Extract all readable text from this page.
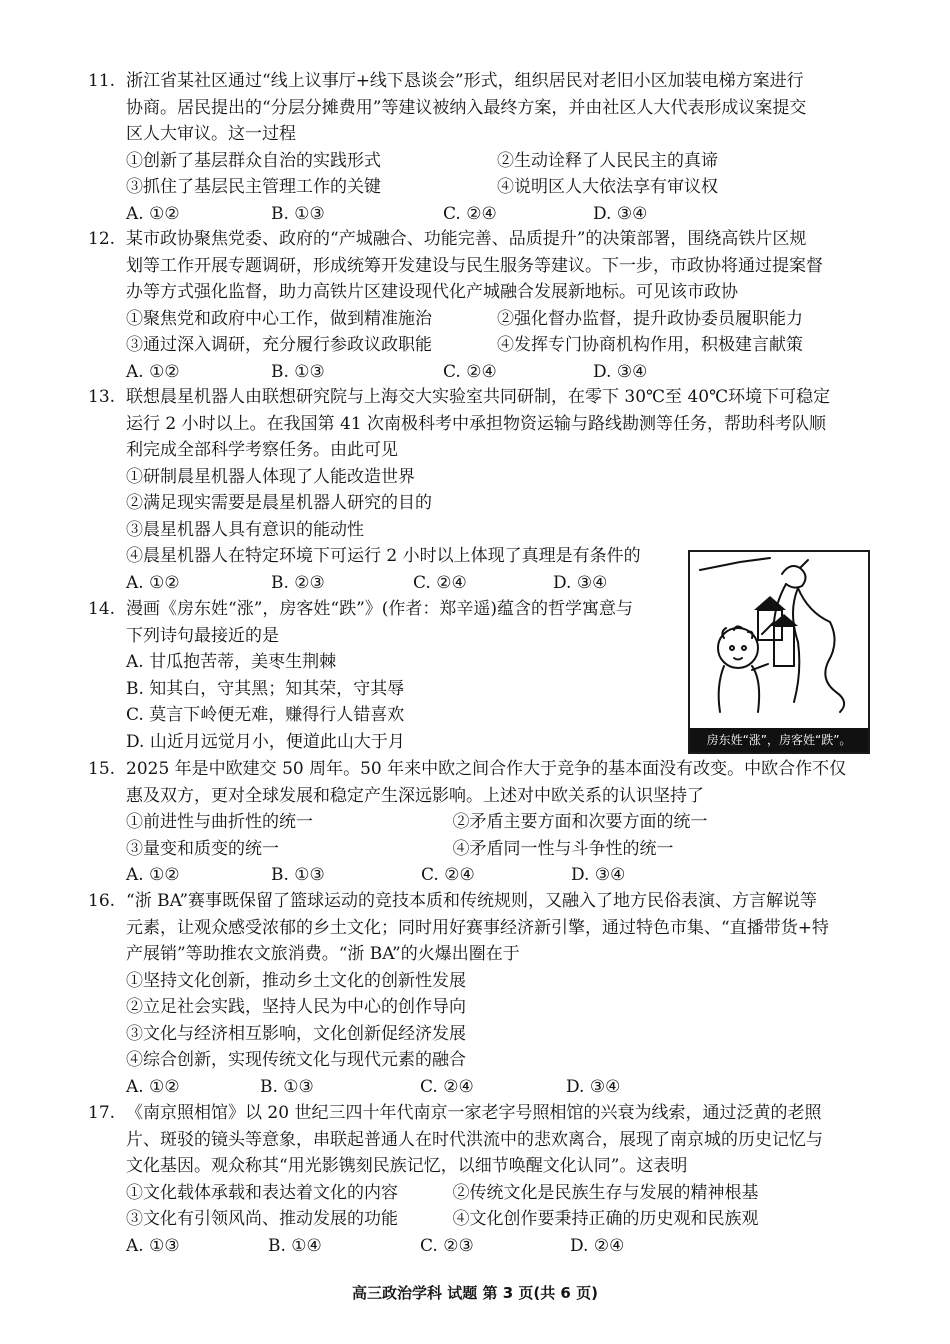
11. 浙江省某社区通过“线上议事厅+线下恳谈会”形式，组织居民对老旧小区加装电梯方案进行
协商。居民提出的“分层分摊费用”等建议被纳入最终方案，并由社区人大代表形成议案提交
区人大审议。这一过程
①创新了基层群众自治的实践形式	②生动诠释了人民民主的真谛
③抓住了基层民主管理工作的关键	④说明区人大依法享有审议权
A. ①②	B. ①③	C. ②④	D. ③④
12. 某市政协聚焦党委、政府的“产城融合、功能完善、品质提升”的决策部署，围绕高铁片区规
划等工作开展专题调研，形成统筹开发建设与民生服务等建议。下一步，市政协将通过提案督
办等方式强化监督，助力高铁片区建设现代化产城融合发展新地标。可见该市政协
①聚焦党和政府中心工作，做到精准施治	②强化督办监督，提升政协委员履职能力
③通过深入调研，充分履行参政议政职能	④发挥专门协商机构作用，积极建言献策
A. ①②	B. ①③	C. ②④	D. ③④
13. 联想晨星机器人由联想研究院与上海交大实验室共同研制，在零下 30℃至 40℃环境下可稳定
运行 2 小时以上。在我国第 41 次南极科考中承担物资运输与路线勘测等任务，帮助科考队顺
利完成全部科学考察任务。由此可见
①研制晨星机器人体现了人能改造世界
②满足现实需要是晨星机器人研究的目的
③晨星机器人具有意识的能动性
④晨星机器人在特定环境下可运行 2 小时以上体现了真理是有条件的
A. ①②	B. ②③	C. ②④	D. ③④
14. 漫画《房东姓“涨”，房客姓“跌”》(作者：郑辛遥)蕴含的哲学寓意与
下列诗句最接近的是
A. 甘瓜抱苦蒂，美枣生荆棘
B. 知其白，守其黑；知其荣，守其辱
C. 莫言下岭便无难，赚得行人错喜欢
D. 山近月远觉月小，便道此山大于月	房东姓“涨”，房客姓“跌”。
15. 2025 年是中欧建交 50 周年。50 年来中欧之间合作大于竞争的基本面没有改变。中欧合作不仅
惠及双方，更对全球发展和稳定产生深远影响。上述对中欧关系的认识坚持了
①前进性与曲折性的统一	②矛盾主要方面和次要方面的统一
③量变和质变的统一	④矛盾同一性与斗争性的统一
A. ①②	B. ①③	C. ②④	D. ③④
16. “浙 BA”赛事既保留了篮球运动的竞技本质和传统规则，又融入了地方民俗表演、方言解说等
元素，让观众感受浓郁的乡土文化；同时用好赛事经济新引擎，通过特色市集、“直播带货+特
产展销”等助推农文旅消费。“浙 BA”的火爆出圈在于
①坚持文化创新，推动乡土文化的创新性发展
②立足社会实践，坚持人民为中心的创作导向
③文化与经济相互影响，文化创新促经济发展
④综合创新，实现传统文化与现代元素的融合
A. ①②	B. ①③	C. ②④	D. ③④
17. 《南京照相馆》以 20 世纪三四十年代南京一家老字号照相馆的兴衰为线索，通过泛黄的老照
片、斑驳的镜头等意象，串联起普通人在时代洪流中的悲欢离合，展现了南京城的历史记忆与
文化基因。观众称其“用光影镌刻民族记忆，以细节唤醒文化认同”。这表明
①文化载体承载和表达着文化的内容	②传统文化是民族生存与发展的精神根基
③文化有引领风尚、推动发展的功能	④文化创作要秉持正确的历史观和民族观
A. ①③	B. ①④	C. ②③	D. ②④
高三政治学科 试题 第 3 页(共 6 页)
